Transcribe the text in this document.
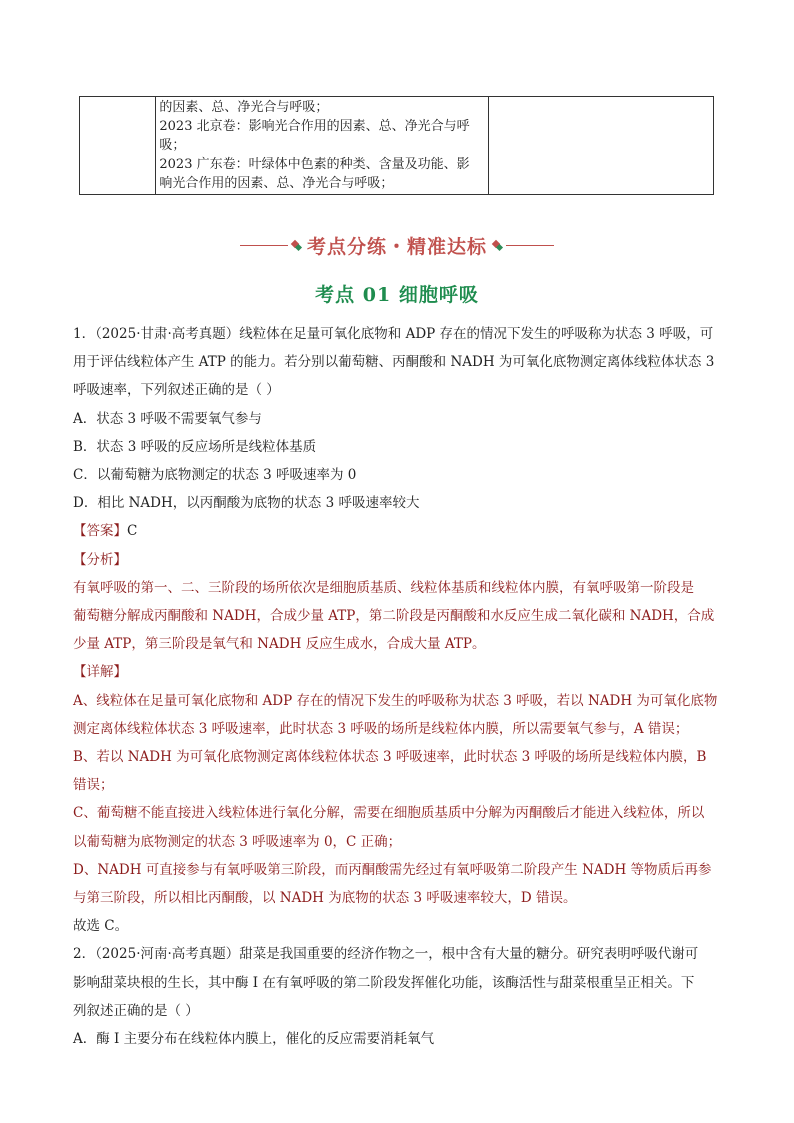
的因素、总、净光合与呼吸；
2023 北京卷：影响光合作用的因素、总、净光合与呼
吸；
2023 广东卷：叶绿体中色素的种类、含量及功能、影
响光合作用的因素、总、净光合与呼吸；

考点分练・精准达标
考点 01 细胞呼吸

1．（2025·甘肃·高考真题）线粒体在足量可氧化底物和 ADP 存在的情况下发生的呼吸称为状态 3 呼吸，可

用于评估线粒体产生 ATP 的能力。若分别以葡萄糖、丙酮酸和 NADH 为可氧化底物测定离体线粒体状态 3

呼吸速率，下列叙述正确的是（ ）

A．状态 3 呼吸不需要氧气参与

B．状态 3 呼吸的反应场所是线粒体基质

C．以葡萄糖为底物测定的状态 3 呼吸速率为 0

D．相比 NADH，以丙酮酸为底物的状态 3 呼吸速率较大

【答案】C

【分析】

有氧呼吸的第一、二、三阶段的场所依次是细胞质基质、线粒体基质和线粒体内膜，有氧呼吸第一阶段是

葡萄糖分解成丙酮酸和 NADH，合成少量 ATP，第二阶段是丙酮酸和水反应生成二氧化碳和 NADH，合成

少量 ATP，第三阶段是氧气和 NADH 反应生成水，合成大量 ATP。

【详解】

A、线粒体在足量可氧化底物和 ADP 存在的情况下发生的呼吸称为状态 3 呼吸，若以 NADH 为可氧化底物

测定离体线粒体状态 3 呼吸速率，此时状态 3 呼吸的场所是线粒体内膜，所以需要氧气参与，A 错误；

B、若以 NADH 为可氧化底物测定离体线粒体状态 3 呼吸速率，此时状态 3 呼吸的场所是线粒体内膜，B

错误；

C、葡萄糖不能直接进入线粒体进行氧化分解，需要在细胞质基质中分解为丙酮酸后才能进入线粒体，所以

以葡萄糖为底物测定的状态 3 呼吸速率为 0，C 正确；

D、NADH 可直接参与有氧呼吸第三阶段，而丙酮酸需先经过有氧呼吸第二阶段产生 NADH 等物质后再参

与第三阶段，所以相比丙酮酸，以 NADH 为底物的状态 3 呼吸速率较大，D 错误。

故选 C。

2．（2025·河南·高考真题）甜菜是我国重要的经济作物之一，根中含有大量的糖分。研究表明呼吸代谢可

影响甜菜块根的生长，其中酶 I 在有氧呼吸的第二阶段发挥催化功能，该酶活性与甜菜根重呈正相关。下

列叙述正确的是（ ）

A．酶 I 主要分布在线粒体内膜上，催化的反应需要消耗氧气
